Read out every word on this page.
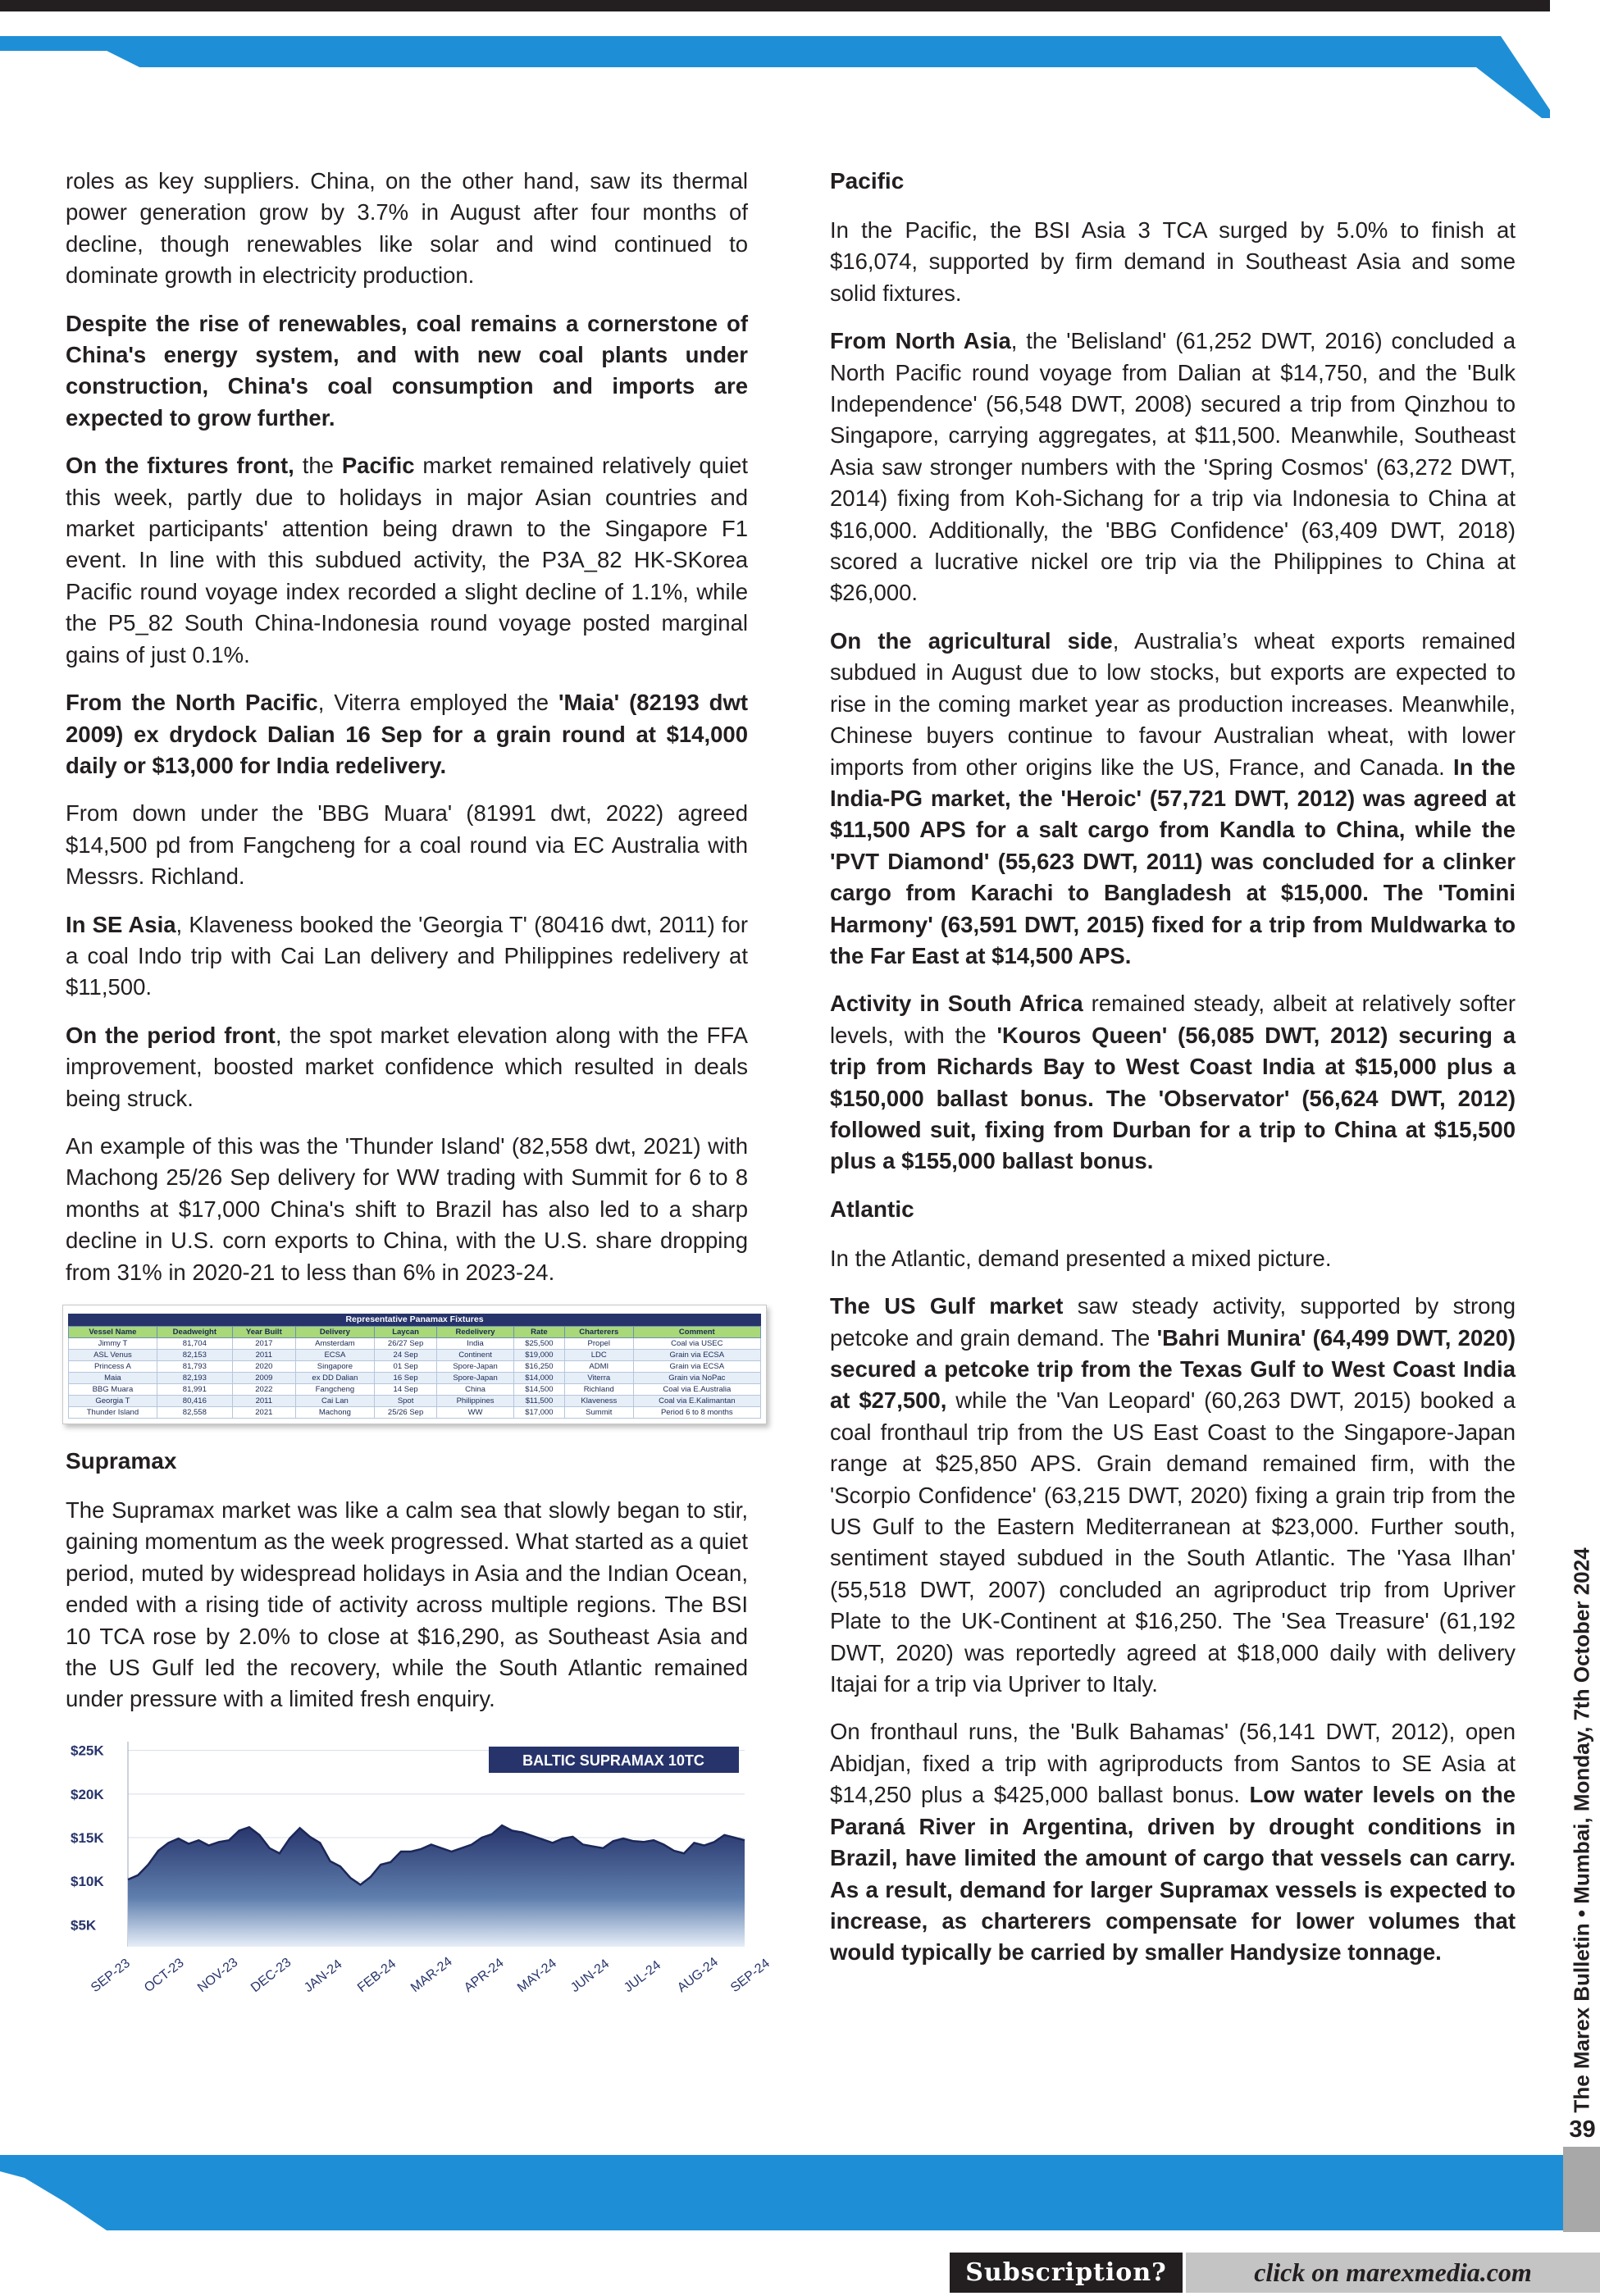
roles as key suppliers. China, on the other hand, saw its thermal power generation grow by 3.7% in August after four months of decline, though renewables like solar and wind continued to dominate growth in electricity production.

Despite the rise of renewables, coal remains a cornerstone of China's energy system, and with new coal plants under construction, China's coal consumption and imports are expected to grow further.

On the fixtures front, the Pacific market remained relatively quiet this week, partly due to holidays in major Asian countries and market participants' attention being drawn to the Singapore F1 event. In line with this subdued activity, the P3A_82 HK-SKorea Pacific round voyage index recorded a slight decline of 1.1%, while the P5_82 South China-Indonesia round voyage posted marginal gains of just 0.1%.

From the North Pacific, Viterra employed the 'Maia' (82193 dwt 2009) ex drydock Dalian 16 Sep for a grain round at $14,000 daily or $13,000 for India redelivery.

From down under the 'BBG Muara' (81991 dwt, 2022) agreed $14,500 pd from Fangcheng for a coal round via EC Australia with Messrs. Richland.

In SE Asia, Klaveness booked the 'Georgia T' (80416 dwt, 2011) for a coal Indo trip with Cai Lan delivery and Philippines redelivery at $11,500.

On the period front, the spot market elevation along with the FFA improvement, boosted market confidence which resulted in deals being struck.

An example of this was the 'Thunder Island' (82,558 dwt, 2021) with Machong 25/26 Sep delivery for WW trading with Summit for 6 to 8 months at $17,000 China's shift to Brazil has also led to a sharp decline in U.S. corn exports to China, with the U.S. share dropping from 31% in 2020-21 to less than 6% in 2023-24.

Representative Panamax Fixtures
Vessel Name	Deadweight	Year Built	Delivery	Laycan	Redelivery	Rate	Charterers	Comment
Jimmy T	81,704	2017	Amsterdam	26/27 Sep	India	$25,500	Propel	Coal via USEC
ASL Venus	82,153	2011	ECSA	24 Sep	Continent	$19,000	LDC	Grain via ECSA
Princess A	81,793	2020	Singapore	01 Sep	Spore-Japan	$16,250	ADMI	Grain via ECSA
Maia	82,193	2009	ex DD Dalian	16 Sep	Spore-Japan	$14,000	Viterra	Grain via NoPac
BBG Muara	81,991	2022	Fangcheng	14 Sep	China	$14,500	Richland	Coal via E.Australia
Georgia T	80,416	2011	Cai Lan	Spot	Philippines	$11,500	Klaveness	Coal via E.Kalimantan
Thunder Island	82,558	2021	Machong	25/26 Sep	WW	$17,000	Summit	Period 6 to 8 months
Supramax

The Supramax market was like a calm sea that slowly began to stir, gaining momentum as the week progressed. What started as a quiet period, muted by widespread holidays in Asia and the Indian Ocean, ended with a rising tide of activity across multiple regions. The BSI 10 TCA rose by 2.0% to close at $16,290, as Southeast Asia and the US Gulf led the recovery, while the South Atlantic remained under pressure with a limited fresh enquiry.

$5K
$10K
$15K
$20K
$25K
SEP-23 OCT-23 NOV-23 DEC-23 JAN-24 FEB-24 MAR-24 APR-24 MAY-24 JUN-24 JUL-24 AUG-24 SEP-24
BALTIC SUPRAMAX 10TC
Pacific

In the Pacific, the BSI Asia 3 TCA surged by 5.0% to finish at $16,074, supported by firm demand in Southeast Asia and some solid fixtures.

From North Asia, the 'Belisland' (61,252 DWT, 2016) concluded a North Pacific round voyage from Dalian at $14,750, and the 'Bulk Independence' (56,548 DWT, 2008) secured a trip from Qinzhou to Singapore, carrying aggregates, at $11,500. Meanwhile, Southeast Asia saw stronger numbers with the 'Spring Cosmos' (63,272 DWT, 2014) fixing from Koh-Sichang for a trip via Indonesia to China at $16,000. Additionally, the 'BBG Confidence' (63,409 DWT, 2018) scored a lucrative nickel ore trip via the Philippines to China at $26,000.

On the agricultural side, Australia’s wheat exports remained subdued in August due to low stocks, but exports are expected to rise in the coming market year as production increases. Meanwhile, Chinese buyers continue to favour Australian wheat, with lower imports from other origins like the US, France, and Canada. In the India-PG market, the 'Heroic' (57,721 DWT, 2012) was agreed at $11,500 APS for a salt cargo from Kandla to China, while the 'PVT Diamond' (55,623 DWT, 2011) was concluded for a clinker cargo from Karachi to Bangladesh at $15,000. The 'Tomini Harmony' (63,591 DWT, 2015) fixed for a trip from Muldwarka to the Far East at $14,500 APS.

Activity in South Africa remained steady, albeit at relatively softer levels, with the 'Kouros Queen' (56,085 DWT, 2012) securing a trip from Richards Bay to West Coast India at $15,000 plus a $150,000 ballast bonus. The 'Observator' (56,624 DWT, 2012) followed suit, fixing from Durban for a trip to China at $15,500 plus a $155,000 ballast bonus.

Atlantic

In the Atlantic, demand presented a mixed picture.

The US Gulf market saw steady activity, supported by strong petcoke and grain demand. The 'Bahri Munira' (64,499 DWT, 2020) secured a petcoke trip from the Texas Gulf to West Coast India at $27,500, while the 'Van Leopard' (60,263 DWT, 2015) booked a coal fronthaul trip from the US East Coast to the Singapore-Japan range at $25,850 APS. Grain demand remained firm, with the 'Scorpio Confidence' (63,215 DWT, 2020) fixing a grain trip from the US Gulf to the Eastern Mediterranean at $23,000. Further south, sentiment stayed subdued in the South Atlantic. The 'Yasa Ilhan' (55,518 DWT, 2007) concluded an agriproduct trip from Upriver Plate to the UK-Continent at $16,250. The 'Sea Treasure' (61,192 DWT, 2020) was reportedly agreed at $18,000 daily with delivery Itajai for a trip via Upriver to Italy.

On fronthaul runs, the 'Bulk Bahamas' (56,141 DWT, 2012), open Abidjan, fixed a trip with agriproducts from Santos to SE Asia at $14,250 plus a $425,000 ballast bonus. Low water levels on the Paraná River in Argentina, driven by drought conditions in Brazil, have limited the amount of cargo that vessels can carry. As a result, demand for larger Supramax vessels is expected to increase, as charterers compensate for lower volumes that would typically be carried by smaller Handysize tonnage.	The Marex Bulletin • Mumbai, Monday, 7th October 2024
39
Subscription?	click on marexmedia.com
